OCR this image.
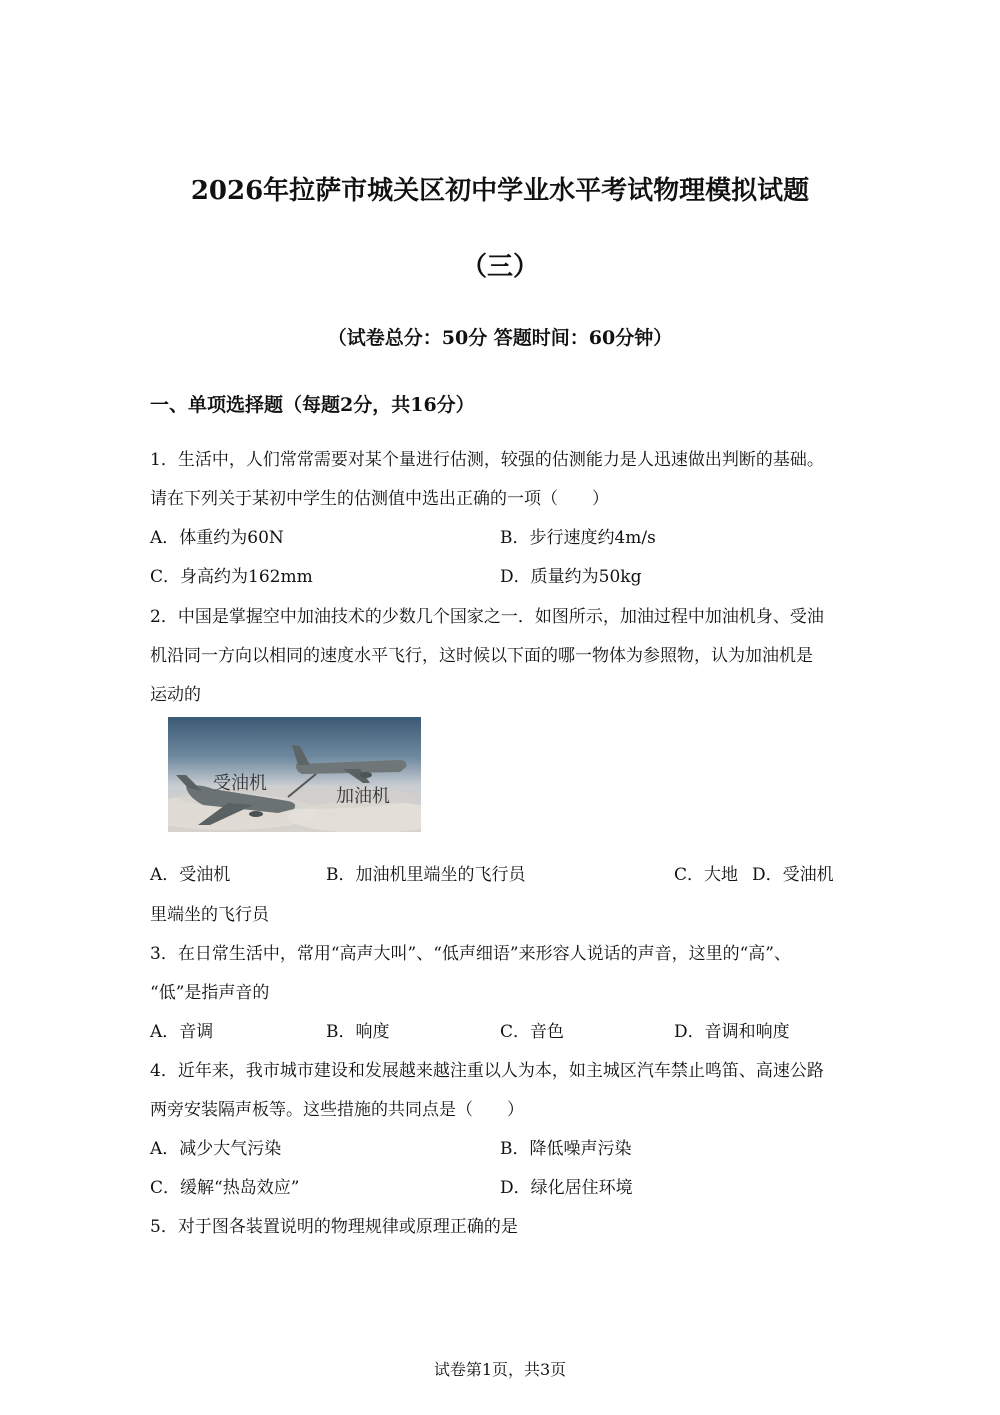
2026年拉萨市城关区初中学业水平考试物理模拟试题
（三）
（试卷总分：50分 答题时间：60分钟）
一、单项选择题（每题2分，共16分）
1．生活中，人们常常需要对某个量进行估测，较强的估测能力是人迅速做出判断的基础。
请在下列关于某初中学生的估测值中选出正确的一项（　　）
A．体重约为60N	B．步行速度约4m/s
C．身高约为162mm	D．质量约为50kg
2．中国是掌握空中加油技术的少数几个国家之一．如图所示，加油过程中加油机身、受油
机沿同一方向以相同的速度水平飞行，这时候以下面的哪一物体为参照物，认为加油机是
运动的
受油机
加油机
A．受油机	B．加油机里端坐的飞行员	C．大地 D．受油机
里端坐的飞行员
3．在日常生活中，常用“高声大叫”、“低声细语”来形容人说话的声音，这里的“高”、
“低”是指声音的
A．音调	B．响度	C．音色	D．音调和响度
4．近年来，我市城市建设和发展越来越注重以人为本，如主城区汽车禁止鸣笛、高速公路
两旁安装隔声板等。这些措施的共同点是（　　）
A．减少大气污染	B．降低噪声污染
C．缓解“热岛效应”	D．绿化居住环境
5．对于图各装置说明的物理规律或原理正确的是
试卷第1页，共3页
